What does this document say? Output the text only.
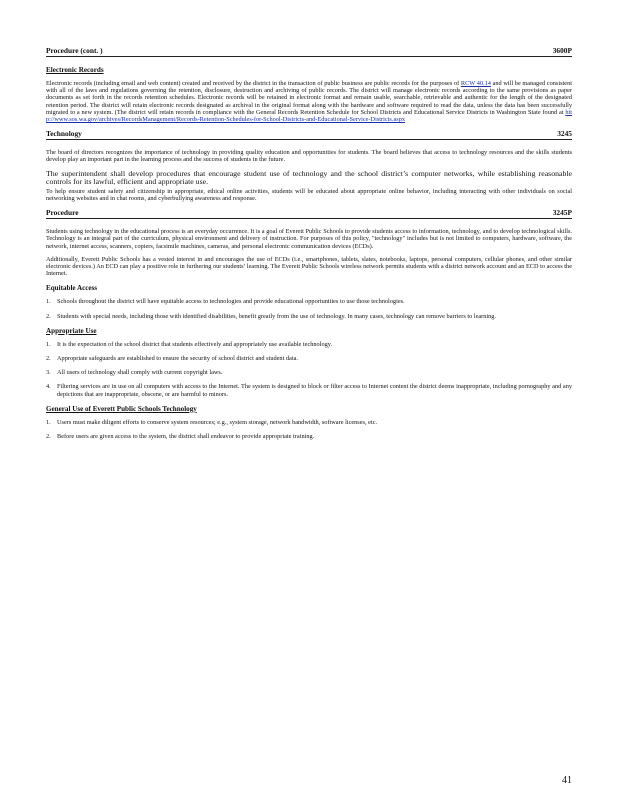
Procedure (cont. )	3600P
Electronic Records

Electronic records (including email and web content) created and received by the district in the transaction of public business are public records for the purposes of RCW 40.14 and will be managed consistent with all of the laws and regulations governing the retention, disclosure, destruction and archiving of public records. The district will manage electronic records according to the same provisions as paper documents as set forth in the records retention schedules. Electronic records will be retained in electronic format and remain usable, searchable, retrievable and authentic for the length of the designated retention period. The district will retain electronic records designated as archival in the original format along with the hardware and software required to read the data, unless the data has been successfully migrated to a new system. (The district will retain records in compliance with the General Records Retention Schedule for School Districts and Educational Service Districts in Washington State found at http://www.sos.wa.gov/archives/RecordsManagement/Records-Retention-Schedules-for-School-Districts-and-Educational-Service-Districts.aspx

Technology	3245

The board of directors recognizes the importance of technology in providing quality education and opportunities for students. The board believes that access to technology resources and the skills students develop play an important part in the learning process and the success of students in the future.

The superintendent shall develop procedures that encourage student use of technology and the school district’s computer networks, while establishing reasonable controls for its lawful, efficient and appropriate use.

To help ensure student safety and citizenship in appropriate, ethical online activities, students will be educated about appropriate online behavior, including interacting with other individuals on social networking websites and in chat rooms, and cyberbullying awareness and response.

Procedure	3245P

Students using technology in the educational process is an everyday occurrence. It is a goal of Everett Public Schools to provide students access to information, technology, and to develop technological skills. Technology is an integral part of the curriculum, physical environment and delivery of instruction. For purposes of this policy, "technology" includes but is not limited to computers, hardware, software, the network, internet access, scanners, copiers, facsimile machines, cameras, and personal electronic communication devices (ECDs).

Additionally, Everett Public Schools has a vested interest in and encourages the use of ECDs (i.e., smartphones, tablets, slates, notebooks, laptops, personal computers, cellular phones, and other similar electronic devices.) An ECD can play a positive role in furthering our students’ learning. The Everett Public Schools wireless network permits students with a district network account and an ECD to access the Internet.

Equitable Access
1. Schools throughout the district will have equitable access to technologies and provide educational opportunities to use those technologies.
2. Students with special needs, including those with identified disabilities, benefit greatly from the use of technology. In many cases, technology can remove barriers to learning.
Appropriate Use
1. It is the expectation of the school district that students effectively and appropriately use available technology.
2. Appropriate safeguards are established to ensure the security of school district and student data.
3. All users of technology shall comply with current copyright laws.
4. Filtering services are in use on all computers with access to the Internet. The system is designed to block or filter access to Internet content the district deems inappropriate, including pornography and any depictions that are inappropriate, obscene, or are harmful to minors.
General Use of Everett Public Schools Technology
1. Users must make diligent efforts to conserve system resources; e.g., system storage, network bandwidth, software licenses, etc.
2. Before users are given access to the system, the district shall endeavor to provide appropriate training.
41
